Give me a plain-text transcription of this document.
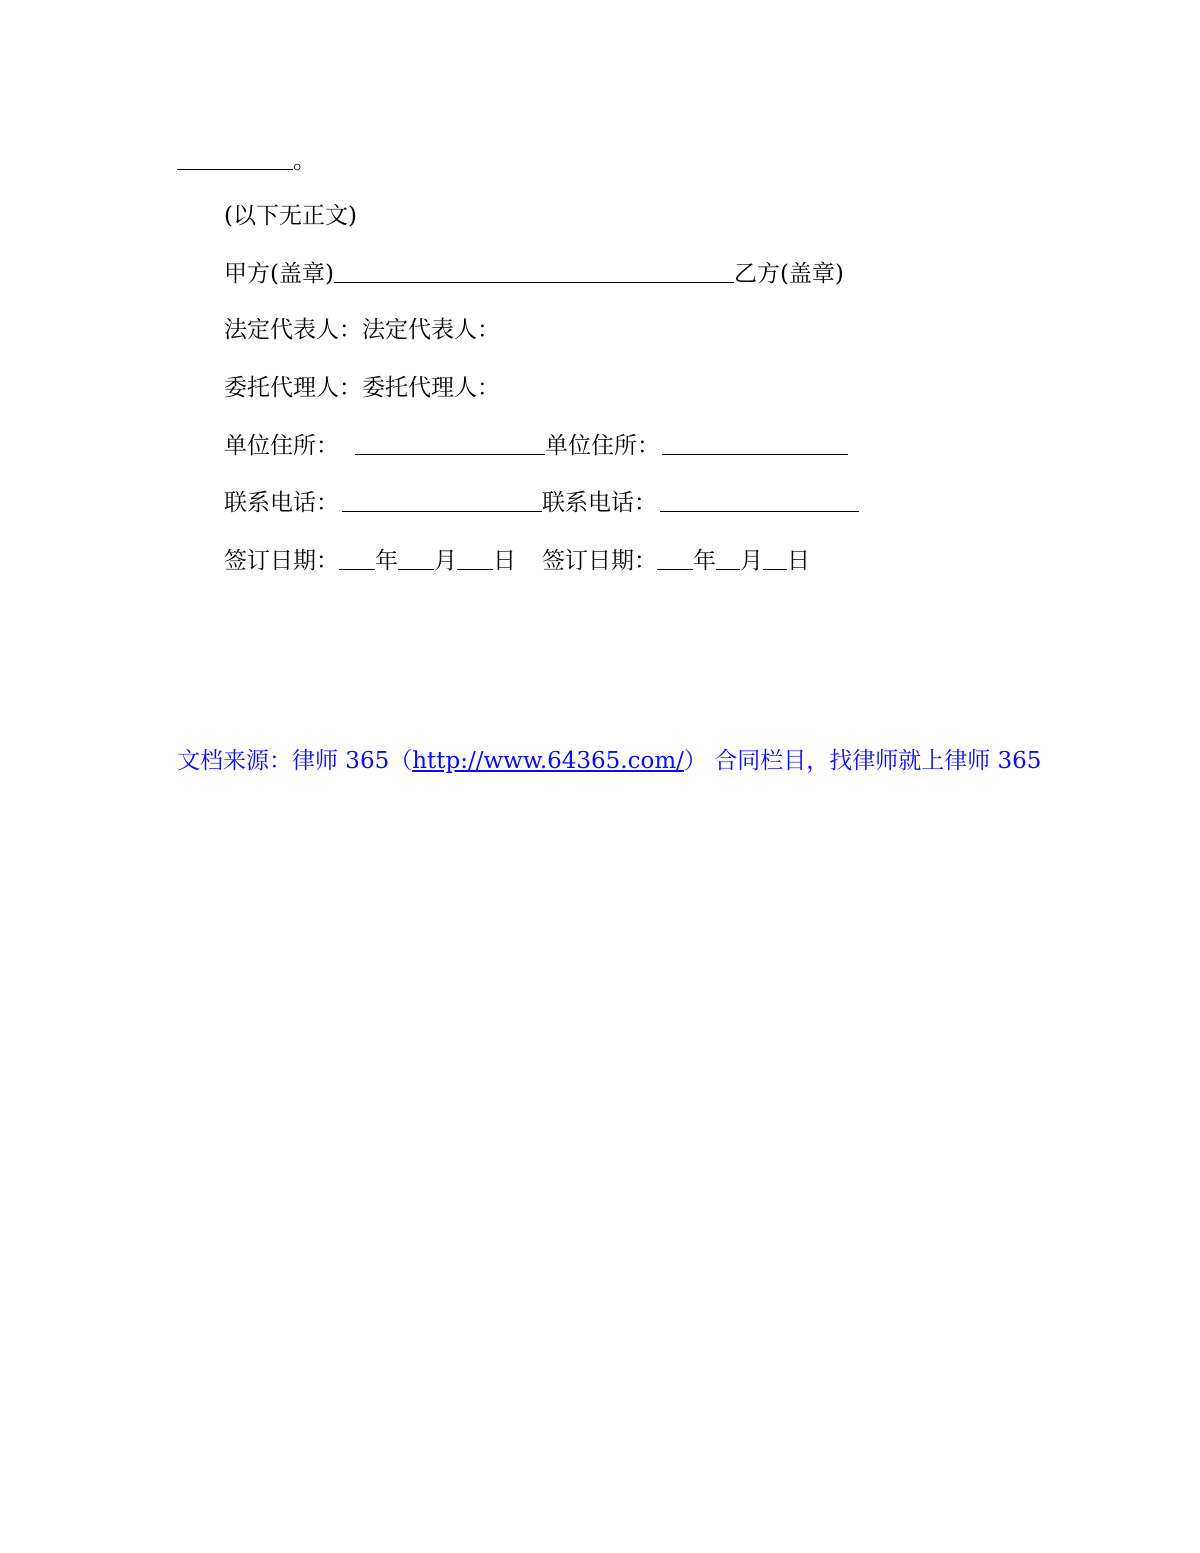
。
(以下无正文)
甲方(盖章)	乙方(盖章)
法定代表人：法定代表人：
委托代理人：委托代理人：
单位住所：	单位住所：
联系电话：	联系电话：
签订日期： 年 月 日 签订日期： 年 月 日
文档来源：律师 365（http://www.64365.com/） 合同栏目，找律师就上律师 365
